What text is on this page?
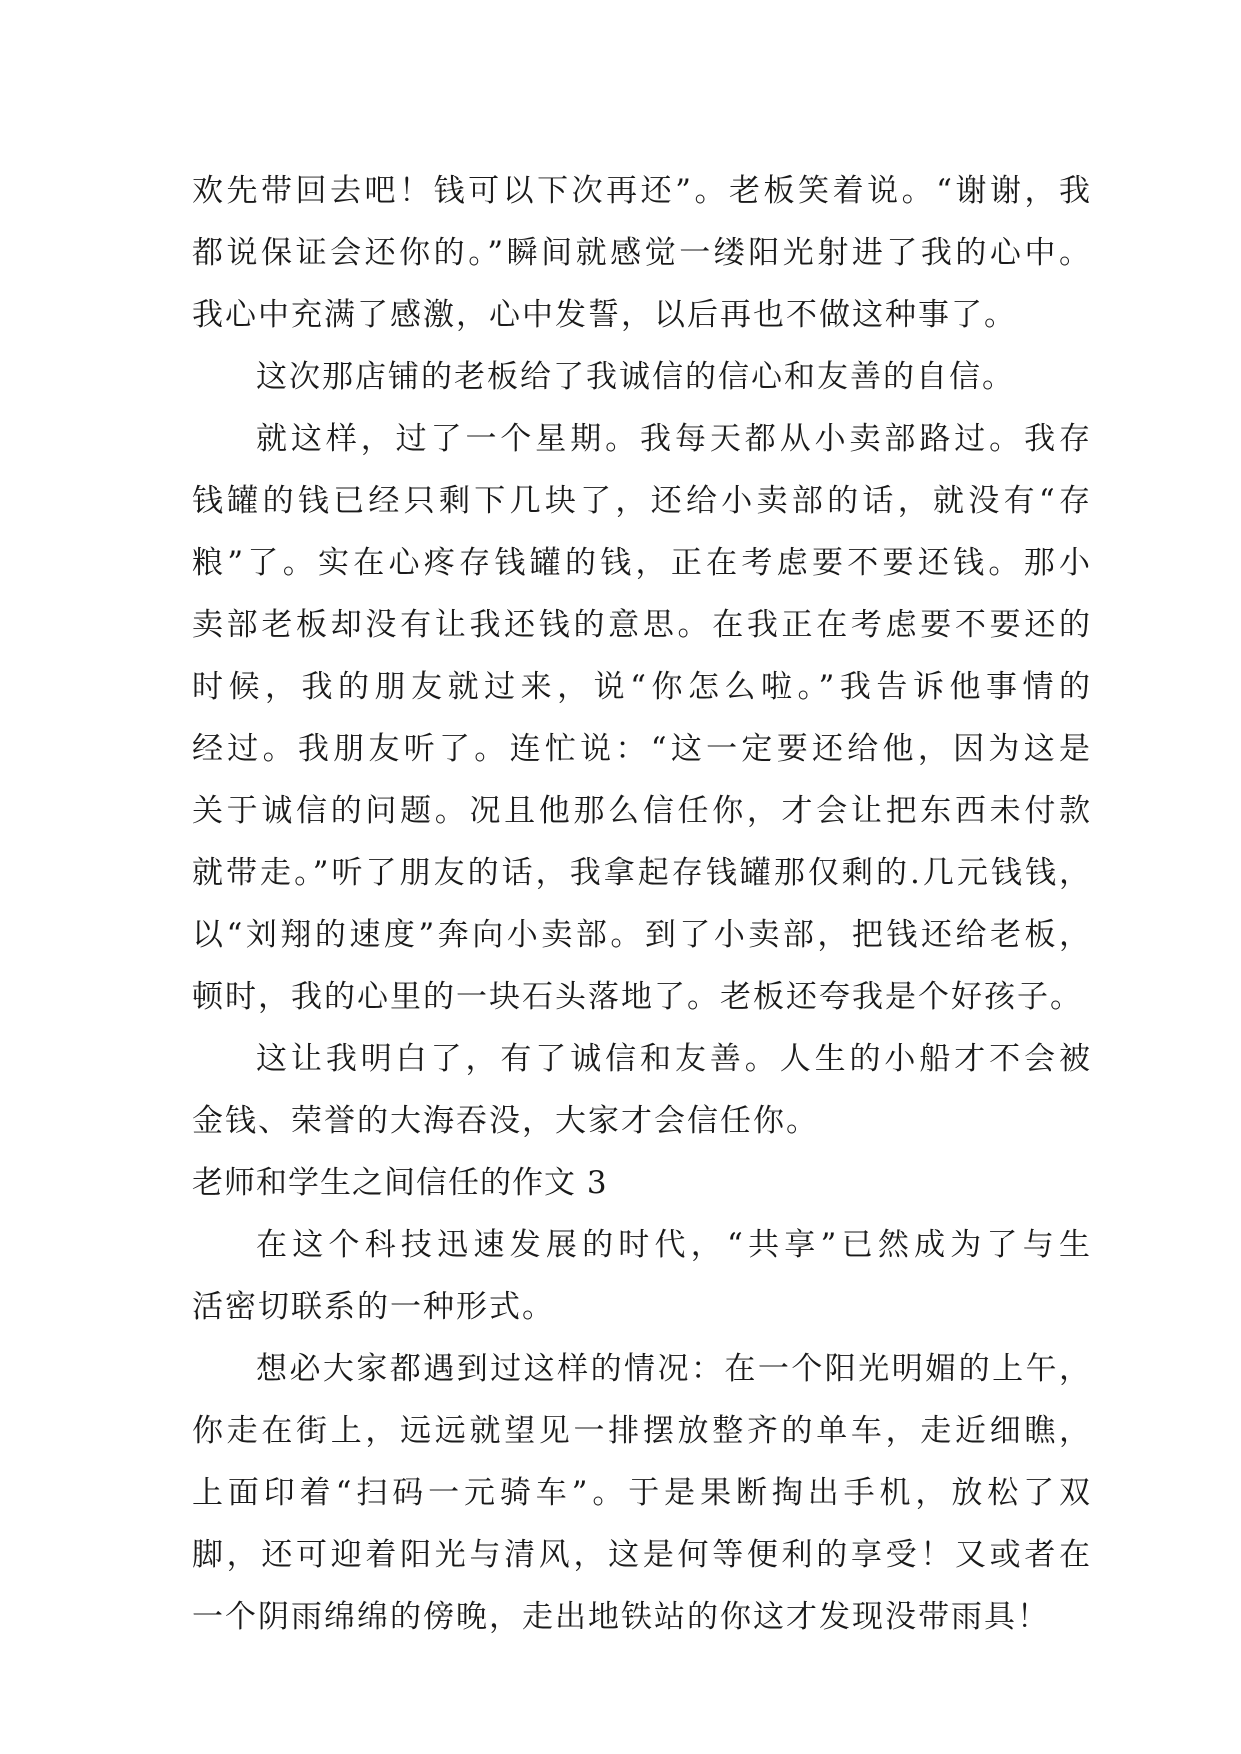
欢先带回去吧！钱可以下次再还”。老板笑着说。“谢谢，我
都说保证会还你的。”瞬间就感觉一缕阳光射进了我的心中。
我心中充满了感激，心中发誓，以后再也不做这种事了。
这次那店铺的老板给了我诚信的信心和友善的自信。
就这样，过了一个星期。我每天都从小卖部路过。我存
钱罐的钱已经只剩下几块了，还给小卖部的话，就没有“存
粮”了。实在心疼存钱罐的钱，正在考虑要不要还钱。那小
卖部老板却没有让我还钱的意思。在我正在考虑要不要还的
时候，我的朋友就过来，说“你怎么啦。”我告诉他事情的
经过。我朋友听了。连忙说：“这一定要还给他，因为这是
关于诚信的问题。况且他那么信任你，才会让把东西未付款
就带走。”听了朋友的话，我拿起存钱罐那仅剩的.几元钱钱，
以“刘翔的速度”奔向小卖部。到了小卖部，把钱还给老板，
顿时，我的心里的一块石头落地了。老板还夸我是个好孩子。
这让我明白了，有了诚信和友善。人生的小船才不会被
金钱、荣誉的大海吞没，大家才会信任你。
老师和学生之间信任的作文 3
在这个科技迅速发展的时代，“共享”已然成为了与生
活密切联系的一种形式。
想必大家都遇到过这样的情况：在一个阳光明媚的上午，
你走在街上，远远就望见一排摆放整齐的单车，走近细瞧，
上面印着“扫码一元骑车”。于是果断掏出手机，放松了双
脚，还可迎着阳光与清风，这是何等便利的享受！又或者在
一个阴雨绵绵的傍晚，走出地铁站的你这才发现没带雨具！
